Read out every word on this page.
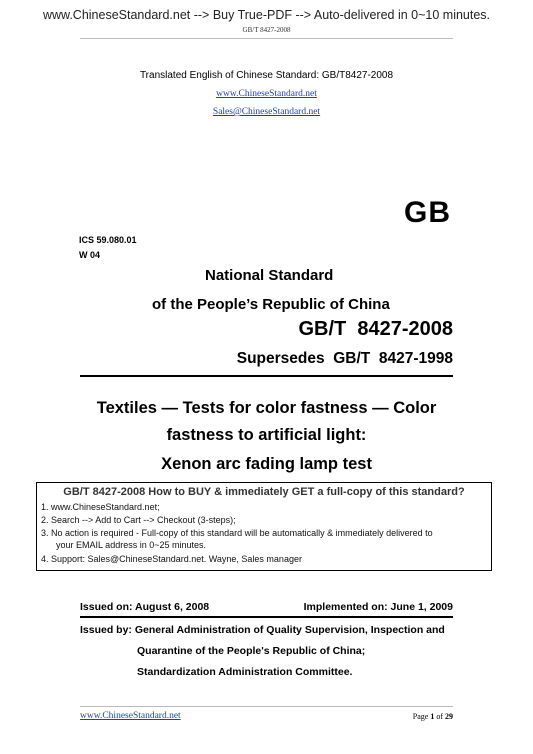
www.ChineseStandard.net --> Buy True-PDF --> Auto-delivered in 0~10 minutes.
GB/T 8427-2008
Translated English of Chinese Standard: GB/T8427-2008
www.ChineseStandard.net
Sales@ChineseStandard.net
GB
ICS 59.080.01
W 04
National Standard
of the People’s Republic of China
GB/T  8427-2008
Supersedes  GB/T  8427-1998
Textiles — Tests for color fastness — Color
fastness to artificial light:
Xenon arc fading lamp test
GB/T 8427-2008 How to BUY & immediately GET a full-copy of this standard?
1. www.ChineseStandard.net;
2. Search --> Add to Cart --> Checkout (3-steps);
3. No action is required - Full-copy of this standard will be automatically & immediately delivered to
your EMAIL address in 0~25 minutes.
4. Support: Sales@ChineseStandard.net. Wayne, Sales manager
Issued on: August 6, 2008	Implemented on: June 1, 2009
Issued by: General Administration of Quality Supervision, Inspection and
Quarantine of the People's Republic of China;
Standardization Administration Committee.
www.ChineseStandard.net	Page 1 of 29
